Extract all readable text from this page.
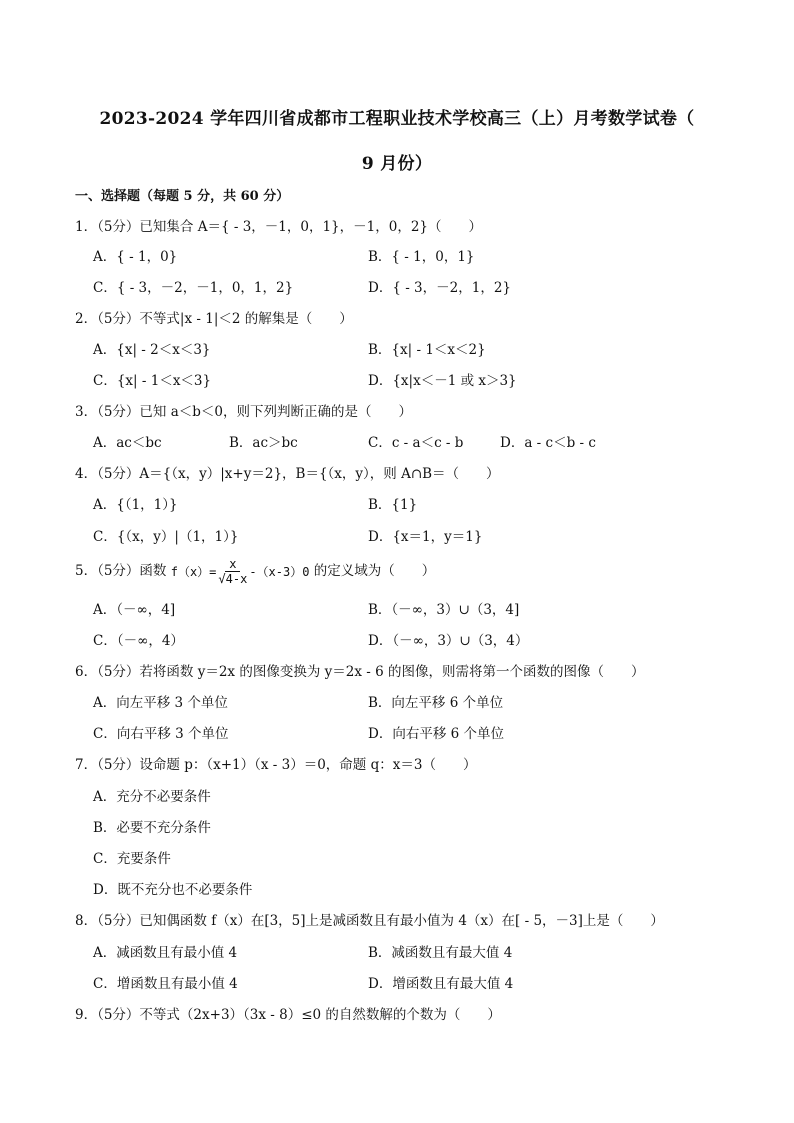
2023-2024 学年四川省成都市工程职业技术学校高三（上）月考数学试卷（
9 月份）
一、选择题（每题 5 分，共 60 分）
1．（5分）已知集合 A＝{ - 3，－1，0，1}，－1，0，2}（　　）
A．{ - 1，0}	B．{ - 1，0，1}
C．{ - 3，－2，－1，0，1，2}	D．{ - 3，－2，1，2}
2．（5分）不等式|x - 1|＜2 的解集是（　　）
A．{x| - 2＜x＜3}	B．{x| - 1＜x＜2}
C．{x| - 1＜x＜3}	D．{x|x＜－1 或 x＞3}
3．（5分）已知 a＜b＜0，则下列判断正确的是（　　）
A．ac＜bc	B．ac＞bc	C．c - a＜c - b	D．a - c＜b - c
4．（5分）A＝{（x，y）|x+y＝2}，B＝{（x，y），则 A∩B＝（　　）
A．{（1，1）}	B．{1}
C．{（x，y）|（1，1）}	D．{x＝1，y＝1}
5．（5分）函数 $f(x)= \frac{x}{√4-x} -(x-3)$ 0 的定义域为（　　）
A．（－∞，4]	B．（－∞，3）∪（3，4]
C．（－∞，4）	D．（－∞，3）∪（3，4）
6．（5分）若将函数 y＝2x 的图像变换为 y＝2x - 6 的图像，则需将第一个函数的图像（　　）
A．向左平移 3 个单位	B．向左平移 6 个单位
C．向右平移 3 个单位	D．向右平移 6 个单位
7．（5分）设命题 p：（x+1）（x - 3）＝0，命题 q：x＝3（　　）
A．充分不必要条件
B．必要不充分条件
C．充要条件
D．既不充分也不必要条件
8．（5分）已知偶函数 f（x）在[3，5]上是减函数且有最小值为 4（x）在[ - 5，－3]上是（　　）
A．减函数且有最小值 4	B．减函数且有最大值 4
C．增函数且有最小值 4	D．增函数且有最大值 4
9．（5分）不等式（2x+3）（3x - 8）≤0 的自然数解的个数为（　　）
